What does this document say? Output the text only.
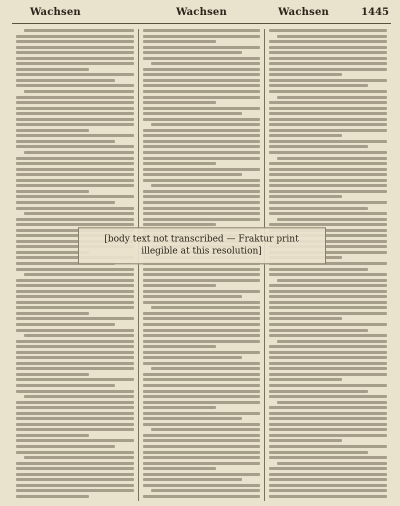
Wachsen	Wachsen	Wachsen	1445
[body text not transcribed — Fraktur print illegible at this resolution]
